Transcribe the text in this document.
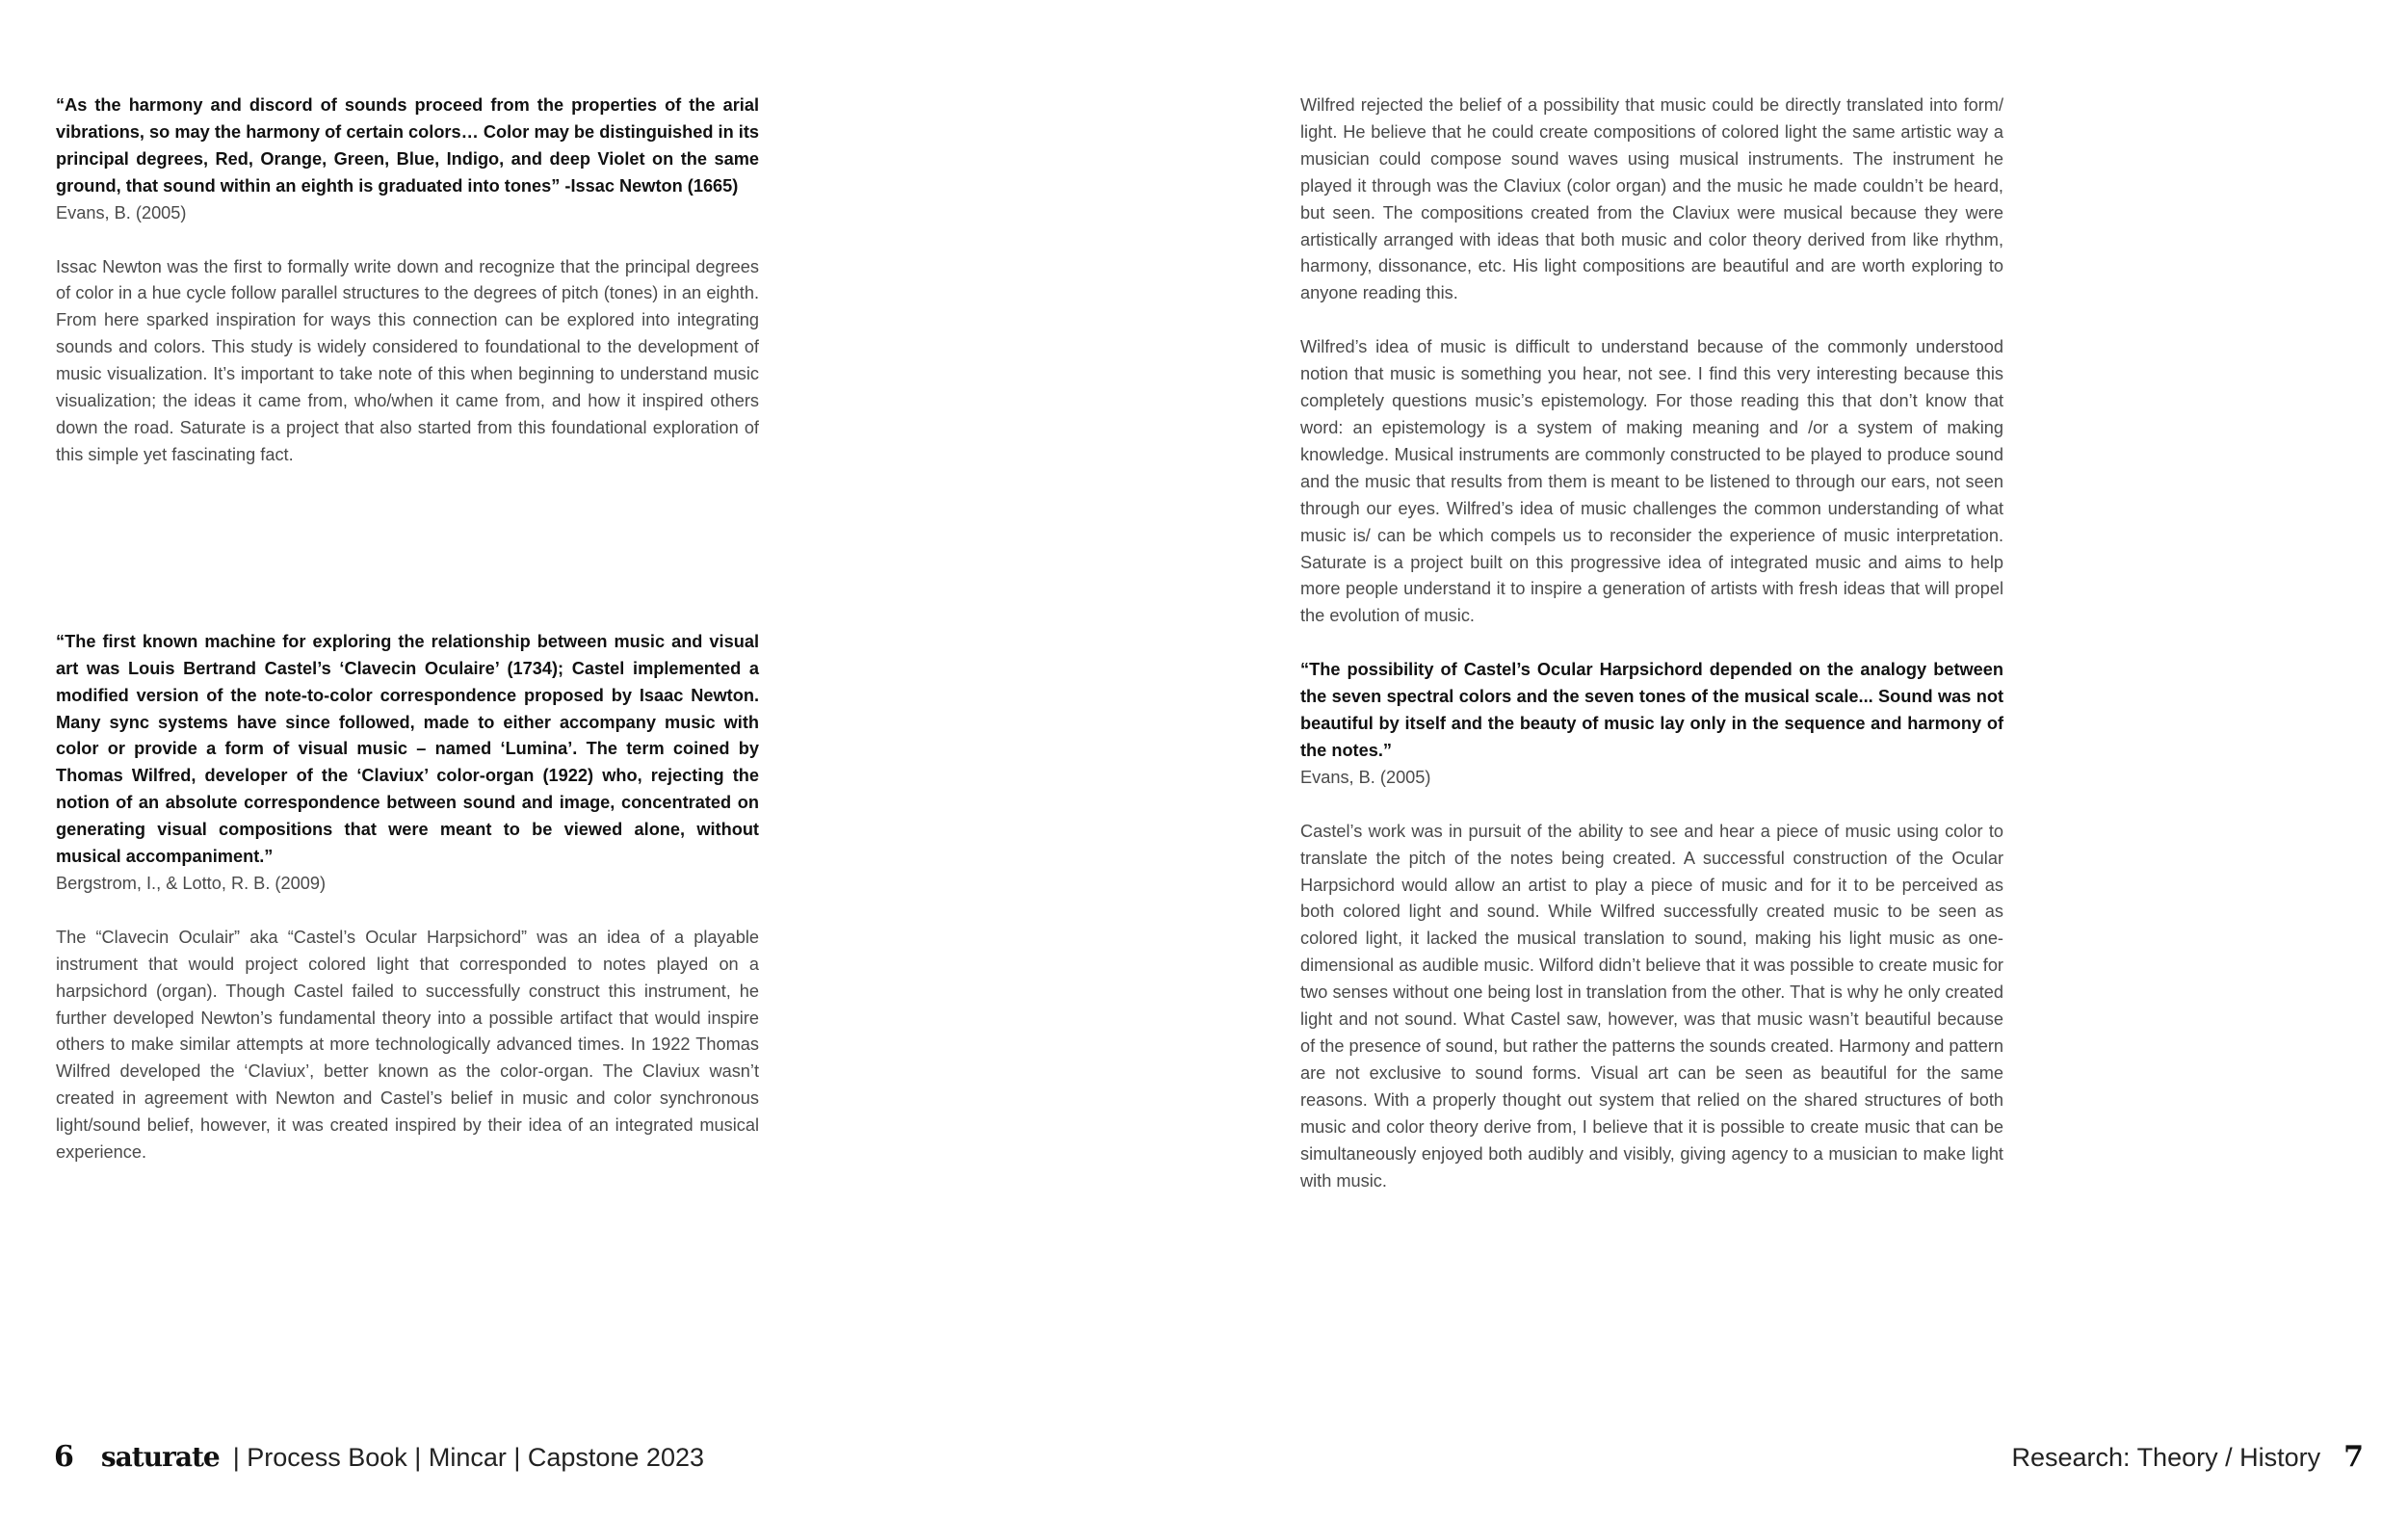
“As the harmony and discord of sounds proceed from the properties of the arial vibrations, so may the harmony of certain colors… Color may be distinguished in its principal degrees, Red, Orange, Green, Blue, Indigo, and deep Violet on the same ground, that sound within an eighth is graduated into tones” -Issac Newton (1665)

Evans, B. (2005)

Issac Newton was the first to formally write down and recognize that the principal degrees of color in a hue cycle follow parallel structures to the degrees of pitch (tones) in an eighth. From here sparked inspiration for ways this connection can be explored into integrating sounds and colors. This study is widely considered to foundational to the development of music visualization. It’s important to take note of this when beginning to understand music visualization; the ideas it came from, who/when it came from, and how it inspired others down the road. Saturate is a project that also started from this foundational exploration of this simple yet fascinating fact.

“The first known machine for exploring the relationship between music and visual art was Louis Bertrand Castel’s ‘Clavecin Oculaire’ (1734); Castel implemented a modified version of the note-to-color correspondence proposed by Isaac Newton. Many sync systems have since followed, made to either accompany music with color or provide a form of visual music – named ‘Lumina’. The term coined by Thomas Wilfred, developer of the ‘Claviux’ color-organ (1922) who, rejecting the notion of an absolute correspondence between sound and image, concentrated on generating visual compositions that were meant to be viewed alone, without musical accompaniment.”

Bergstrom, I., & Lotto, R. B. (2009)

The “Clavecin Oculair” aka “Castel’s Ocular Harpsichord” was an idea of a playable instrument that would project colored light that corresponded to notes played on a harpsichord (organ). Though Castel failed to successfully construct this instrument, he further developed Newton’s fundamental theory into a possible artifact that would inspire others to make similar attempts at more technologically advanced times. In 1922 Thomas Wilfred developed the ‘Claviux’, better known as the color-organ. The Claviux wasn’t created in agreement with Newton and Castel’s belief in music and color synchronous light/sound belief, however, it was created inspired by their idea of an integrated musical experience.

Wilfred rejected the belief of a possibility that music could be directly translated into form/ light. He believe that he could create compositions of colored light the same artistic way a musician could compose sound waves using musical instruments. The instrument he played it through was the Claviux (color organ) and the music he made couldn’t be heard, but seen. The compositions created from the Claviux were musical because they were artistically arranged with ideas that both music and color theory derived from like rhythm, harmony, dissonance, etc. His light compositions are beautiful and are worth exploring to anyone reading this.

Wilfred’s idea of music is difficult to understand because of the commonly understood notion that music is something you hear, not see. I find this very interesting because this completely questions music’s epistemology. For those reading this that don’t know that word: an epistemology is a system of making meaning and /or a system of making knowledge. Musical instruments are commonly constructed to be played to produce sound and the music that results from them is meant to be listened to through our ears, not seen through our eyes. Wilfred’s idea of music challenges the common understanding of what music is/ can be which compels us to reconsider the experience of music interpretation. Saturate is a project built on this progressive idea of integrated music and aims to help more people understand it to inspire a generation of artists with fresh ideas that will propel the evolution of music.

“The possibility of Castel’s Ocular Harpsichord depended on the analogy between the seven spectral colors and the seven tones of the musical scale... Sound was not beautiful by itself and the beauty of music lay only in the sequence and harmony of the notes.”

Evans, B. (2005)

Castel’s work was in pursuit of the ability to see and hear a piece of music using color to translate the pitch of the notes being created. A successful construction of the Ocular Harpsichord would allow an artist to play a piece of music and for it to be perceived as both colored light and sound. While Wilfred successfully created music to be seen as colored light, it lacked the musical translation to sound, making his light music as one-dimensional as audible music. Wilford didn’t believe that it was possible to create music for two senses without one being lost in translation from the other. That is why he only created light and not sound. What Castel saw, however, was that music wasn’t beautiful because of the presence of sound, but rather the patterns the sounds created. Harmony and pattern are not exclusive to sound forms. Visual art can be seen as beautiful for the same reasons. With a properly thought out system that relied on the shared structures of both music and color theory derive from, I believe that it is possible to create music that can be simultaneously enjoyed both audibly and visibly, giving agency to a musician to make light with music.

6 saturate | Process Book | Mincar | Capstone 2023	Research: Theory / History 7
